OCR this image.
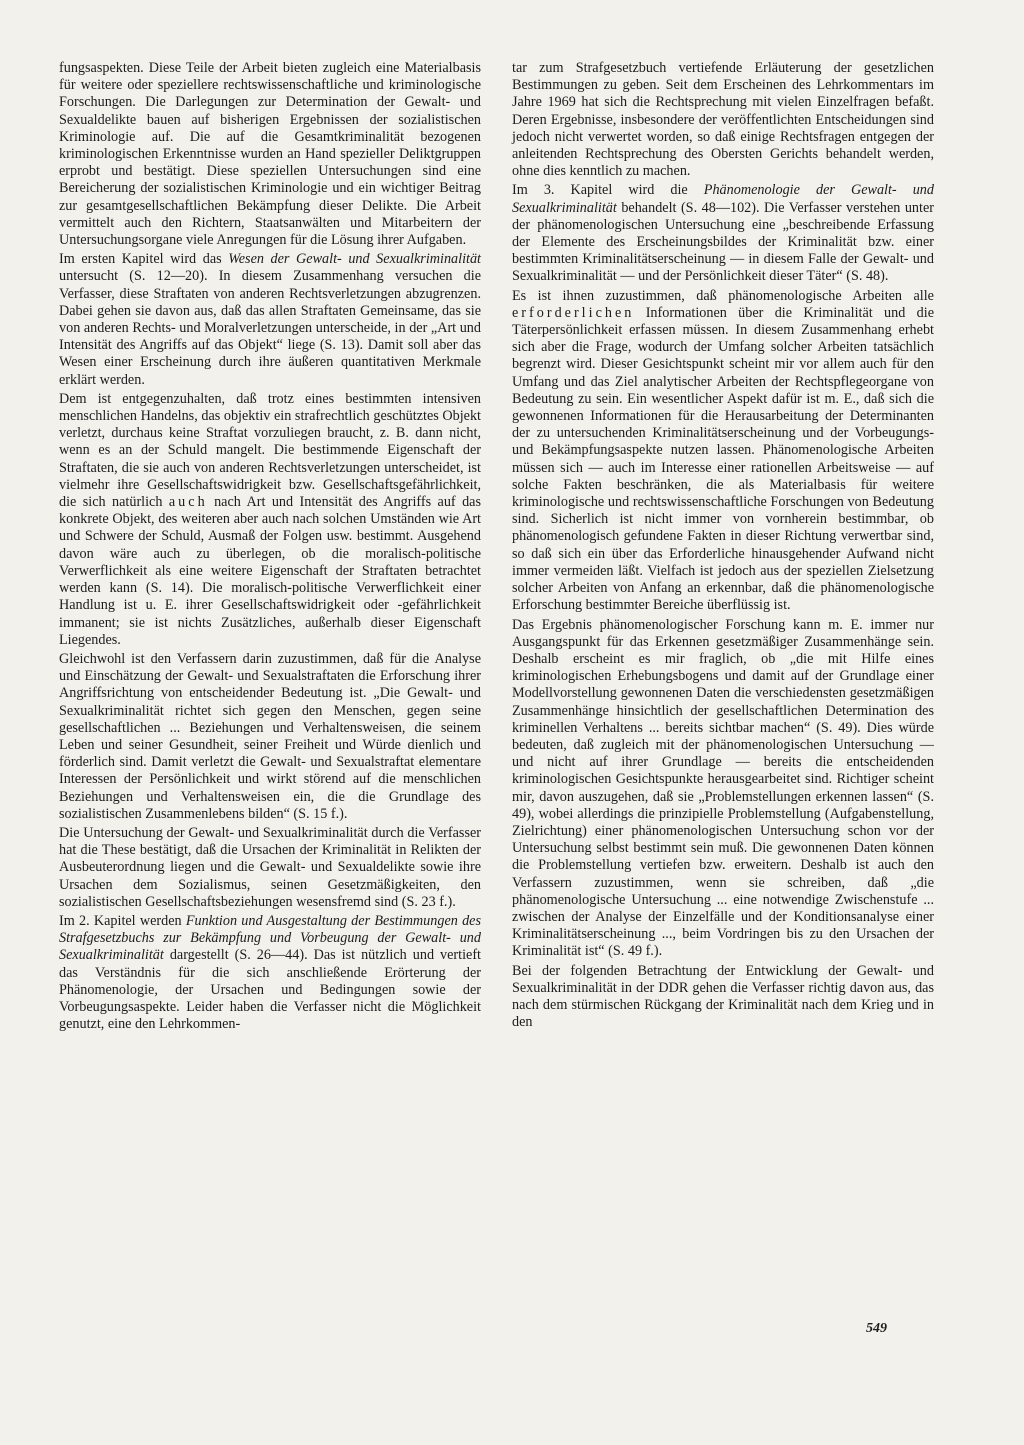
fungsaspekten. Diese Teile der Arbeit bieten zugleich eine Materialbasis für weitere oder speziellere rechtswissenschaftliche und kriminologische Forschungen. Die Darlegungen zur Determination der Gewalt- und Sexualdelikte bauen auf bisherigen Ergebnissen der sozialistischen Kriminologie auf. Die auf die Gesamtkriminalität bezogenen kriminologischen Erkenntnisse wurden an Hand spezieller Deliktgruppen erprobt und bestätigt. Diese speziellen Untersuchungen sind eine Bereicherung der sozialistischen Kriminologie und ein wichtiger Beitrag zur gesamtgesellschaftlichen Bekämpfung dieser Delikte. Die Arbeit vermittelt auch den Richtern, Staatsanwälten und Mitarbeitern der Untersuchungsorgane viele Anregungen für die Lösung ihrer Aufgaben.

Im ersten Kapitel wird das Wesen der Gewalt- und Sexualkriminalität untersucht (S. 12—20). In diesem Zusammenhang versuchen die Verfasser, diese Straftaten von anderen Rechtsverletzungen abzugrenzen. Dabei gehen sie davon aus, daß das allen Straftaten Gemeinsame, das sie von anderen Rechts- und Moralverletzungen unterscheide, in der „Art und Intensität des Angriffs auf das Objekt“ liege (S. 13). Damit soll aber das Wesen einer Erscheinung durch ihre äußeren quantitativen Merkmale erklärt werden.

Dem ist entgegenzuhalten, daß trotz eines bestimmten intensiven menschlichen Handelns, das objektiv ein strafrechtlich geschütztes Objekt verletzt, durchaus keine Straftat vorzuliegen braucht, z. B. dann nicht, wenn es an der Schuld mangelt. Die bestimmende Eigenschaft der Straftaten, die sie auch von anderen Rechtsverletzungen unterscheidet, ist vielmehr ihre Gesellschaftswidrigkeit bzw. Gesellschaftsgefährlichkeit, die sich natürlich auch nach Art und Intensität des Angriffs auf das konkrete Objekt, des weiteren aber auch nach solchen Umständen wie Art und Schwere der Schuld, Ausmaß der Folgen usw. bestimmt. Ausgehend davon wäre auch zu überlegen, ob die moralisch-politische Verwerflichkeit als eine weitere Eigenschaft der Straftaten betrachtet werden kann (S. 14). Die moralisch-politische Verwerflichkeit einer Handlung ist u. E. ihrer Gesellschaftswidrigkeit oder -gefährlichkeit immanent; sie ist nichts Zusätzliches, außerhalb dieser Eigenschaft Liegendes.

Gleichwohl ist den Verfassern darin zuzustimmen, daß für die Analyse und Einschätzung der Gewalt- und Sexualstraftaten die Erforschung ihrer Angriffsrichtung von entscheidender Bedeutung ist. „Die Gewalt- und Sexualkriminalität richtet sich gegen den Menschen, gegen seine gesellschaftlichen ... Beziehungen und Verhaltensweisen, die seinem Leben und seiner Gesundheit, seiner Freiheit und Würde dienlich und förderlich sind. Damit verletzt die Gewalt- und Sexualstraftat elementare Interessen der Persönlichkeit und wirkt störend auf die menschlichen Beziehungen und Verhaltensweisen ein, die die Grundlage des sozialistischen Zusammenlebens bilden“ (S. 15 f.).

Die Untersuchung der Gewalt- und Sexualkriminalität durch die Verfasser hat die These bestätigt, daß die Ursachen der Kriminalität in Relikten der Ausbeuterordnung liegen und die Gewalt- und Sexualdelikte sowie ihre Ursachen dem Sozialismus, seinen Gesetzmäßigkeiten, den sozialistischen Gesellschaftsbeziehungen wesensfremd sind (S. 23 f.).

Im 2. Kapitel werden Funktion und Ausgestaltung der Bestimmungen des Strafgesetzbuchs zur Bekämpfung und Vorbeugung der Gewalt- und Sexualkriminalität dargestellt (S. 26—44). Das ist nützlich und vertieft das Verständnis für die sich anschließende Erörterung der Phänomenologie, der Ursachen und Bedingungen sowie der Vorbeugungsaspekte. Leider haben die Verfasser nicht die Möglichkeit genutzt, eine den Lehrkommen-

tar zum Strafgesetzbuch vertiefende Erläuterung der gesetzlichen Bestimmungen zu geben. Seit dem Erscheinen des Lehrkommentars im Jahre 1969 hat sich die Rechtsprechung mit vielen Einzelfragen befaßt. Deren Ergebnisse, insbesondere der veröffentlichten Entscheidungen sind jedoch nicht verwertet worden, so daß einige Rechtsfragen entgegen der anleitenden Rechtsprechung des Obersten Gerichts behandelt werden, ohne dies kenntlich zu machen.

Im 3. Kapitel wird die Phänomenologie der Gewalt- und Sexualkriminalität behandelt (S. 48—102). Die Verfasser verstehen unter der phänomenologischen Untersuchung eine „beschreibende Erfassung der Elemente des Erscheinungsbildes der Kriminalität bzw. einer bestimmten Kriminalitätserscheinung — in diesem Falle der Gewalt- und Sexualkriminalität — und der Persönlichkeit dieser Täter“ (S. 48).

Es ist ihnen zuzustimmen, daß phänomenologische Arbeiten alle erforderlichen Informationen über die Kriminalität und die Täterpersönlichkeit erfassen müssen. In diesem Zusammenhang erhebt sich aber die Frage, wodurch der Umfang solcher Arbeiten tatsächlich begrenzt wird. Dieser Gesichtspunkt scheint mir vor allem auch für den Umfang und das Ziel analytischer Arbeiten der Rechtspflegeorgane von Bedeutung zu sein. Ein wesentlicher Aspekt dafür ist m. E., daß sich die gewonnenen Informationen für die Herausarbeitung der Determinanten der zu untersuchenden Kriminalitätserscheinung und der Vorbeugungs- und Bekämpfungsaspekte nutzen lassen. Phänomenologische Arbeiten müssen sich — auch im Interesse einer rationellen Arbeitsweise — auf solche Fakten beschränken, die als Materialbasis für weitere kriminologische und rechtswissenschaftliche Forschungen von Bedeutung sind. Sicherlich ist nicht immer von vornherein bestimmbar, ob phänomenologisch gefundene Fakten in dieser Richtung verwertbar sind, so daß sich ein über das Erforderliche hinausgehender Aufwand nicht immer vermeiden läßt. Vielfach ist jedoch aus der speziellen Zielsetzung solcher Arbeiten von Anfang an erkennbar, daß die phänomenologische Erforschung bestimmter Bereiche überflüssig ist.

Das Ergebnis phänomenologischer Forschung kann m. E. immer nur Ausgangspunkt für das Erkennen gesetzmäßiger Zusammenhänge sein. Deshalb erscheint es mir fraglich, ob „die mit Hilfe eines kriminologischen Erhebungsbogens und damit auf der Grundlage einer Modellvorstellung gewonnenen Daten die verschiedensten gesetzmäßigen Zusammenhänge hinsichtlich der gesellschaftlichen Determination des kriminellen Verhaltens ... bereits sichtbar machen“ (S. 49). Dies würde bedeuten, daß zugleich mit der phänomenologischen Untersuchung — und nicht auf ihrer Grundlage — bereits die entscheidenden kriminologischen Gesichtspunkte herausgearbeitet sind. Richtiger scheint mir, davon auszugehen, daß sie „Problemstellungen erkennen lassen“ (S. 49), wobei allerdings die prinzipielle Problemstellung (Aufgabenstellung, Zielrichtung) einer phänomenologischen Untersuchung schon vor der Untersuchung selbst bestimmt sein muß. Die gewonnenen Daten können die Problemstellung vertiefen bzw. erweitern. Deshalb ist auch den Verfassern zuzustimmen, wenn sie schreiben, daß „die phänomenologische Untersuchung ... eine notwendige Zwischenstufe ... zwischen der Analyse der Einzelfälle und der Konditionsanalyse einer Kriminalitätserscheinung ..., beim Vordringen bis zu den Ursachen der Kriminalität ist“ (S. 49 f.).

Bei der folgenden Betrachtung der Entwicklung der Gewalt- und Sexualkriminalität in der DDR gehen die Verfasser richtig davon aus, das nach dem stürmischen Rückgang der Kriminalität nach dem Krieg und in den

549
